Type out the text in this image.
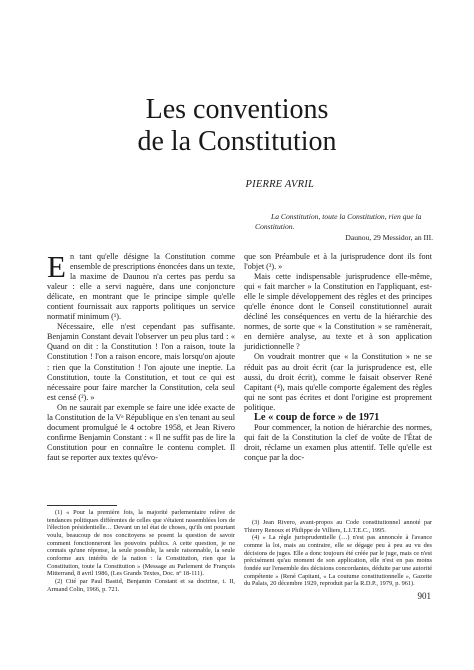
Les conventions
de la Constitution
PIERRE AVRIL

La Constitution, toute la Constitution, rien que la Constitution.

Daunou, 29 Messidor, an III.

En tant qu'elle désigne la Constitution comme ensemble de prescriptions énoncées dans un texte, la maxime de Daunou n'a certes pas perdu sa valeur : elle a servi naguère, dans une conjoncture délicate, en montrant que le principe simple qu'elle contient fournissait aux rapports politiques un service normatif minimum (¹).

Nécessaire, elle n'est cependant pas suffisante. Benjamin Constant devait l'observer un peu plus tard : « Quand on dit : la Constitution ! l'on a raison, toute la Constitution ! l'on a raison encore, mais lorsqu'on ajoute : rien que la Constitution ! l'on ajoute une ineptie. La Constitution, toute la Constitution, et tout ce qui est nécessaire pour faire marcher la Constitution, cela seul est censé (²). »

On ne saurait par exemple se faire une idée exacte de la Constitution de la Vᵉ République en s'en tenant au seul document promulgué le 4 octobre 1958, et Jean Rivero confirme Benjamin Constant : « Il ne suffit pas de lire la Constitution pour en connaître le contenu complet. Il faut se reporter aux textes qu'évo-

que son Préambule et à la jurisprudence dont ils font l'objet (³). »

Mais cette indispensable jurisprudence elle-même, qui « fait marcher » la Constitution en l'appliquant, est-elle le simple développement des règles et des principes qu'elle énonce dont le Conseil constitutionnel aurait décliné les conséquences en vertu de la hiérarchie des normes, de sorte que « la Constitution » se ramènerait, en dernière analyse, au texte et à son application juridictionnelle ?

On voudrait montrer que « la Constitution » ne se réduit pas au droit écrit (car la jurisprudence est, elle aussi, du droit écrit), comme le faisait observer René Capitant (⁴), mais qu'elle comporte également des règles qui ne sont pas écrites et dont l'origine est proprement politique.

Le « coup de force » de 1971

Pour commencer, la notion de hiérarchie des normes, qui fait de la Constitution la clef de voûte de l'État de droit, réclame un examen plus attentif. Telle qu'elle est conçue par la doc-

(1) « Pour la première fois, la majorité parlementaire relève de tendances politiques différentes de celles que s'étaient rassemblées lors de l'élection présidentielle… Devant un tel état de choses, qu'ils ont pourtant voulu, beaucoup de nos concitoyens se posent la question de savoir comment fonctionneront les pouvoirs publics. A cette question, je ne connais qu'une réponse, la seule possible, la seule raisonnable, la seule conforme aux intérêts de la nation : la Constitution, rien que la Constitution, toute la Constitution » (Message au Parlement de François Mitterrand, 8 avril 1986, (Les Grands Textes, Doc. nº 18-111).

(2) Cité par Paul Bastid, Benjamin Constant et sa doctrine, t. II, Armand Colin, 1966, p. 721.

(3) Jean Rivero, avant-propos au Code constitutionnel annoté par Thierry Renoux et Philippe de Villiers, L.I.T.E.C., 1995.

(4) « La règle jurisprudentielle (…) n'est pas annoncée à l'avance comme la loi, mais au contraire, elle se dégage peu à peu au vu des décisions de juges. Elle a donc toujours été créée par le juge, mais ce n'est précisément qu'au moment de son application, elle n'est en pas moins fondée sur l'ensemble des décisions concordantes, déduite par une autorité compétente » (René Capitant, « La coutume constitutionnelle », Gazette du Palais, 20 décembre 1929, reproduit par la R.D.P., 1979, p. 961).

901
